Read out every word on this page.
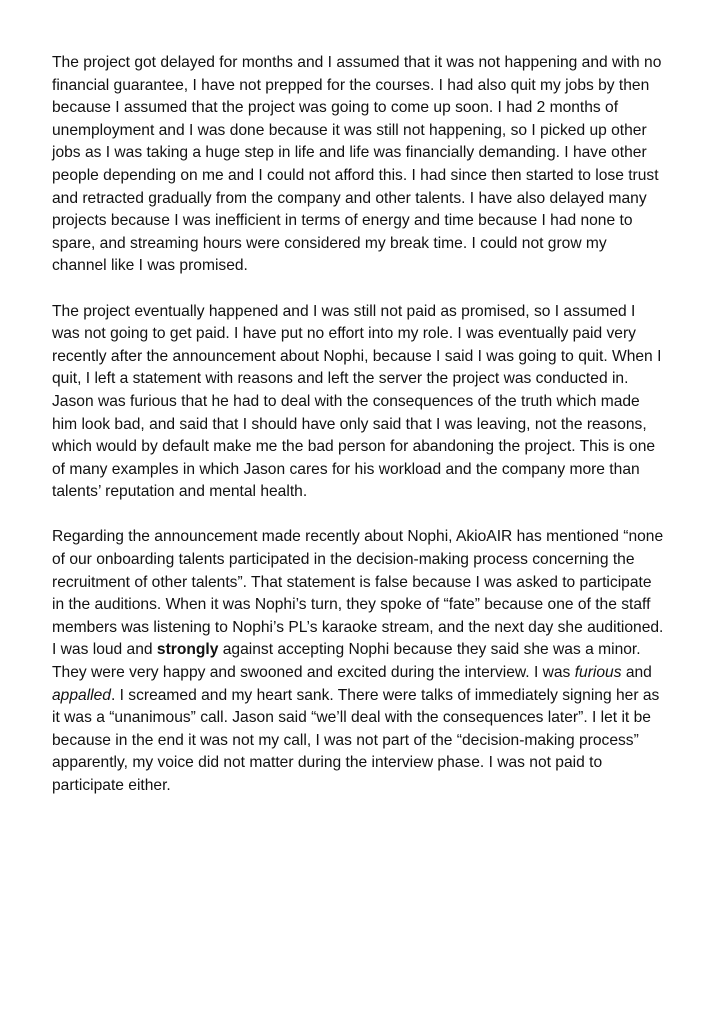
The project got delayed for months and I assumed that it was not happening and with no financial guarantee, I have not prepped for the courses. I had also quit my jobs by then because I assumed that the project was going to come up soon. I had 2 months of unemployment and I was done because it was still not happening, so I picked up other jobs as I was taking a huge step in life and life was financially demanding. I have other people depending on me and I could not afford this. I had since then started to lose trust and retracted gradually from the company and other talents. I have also delayed many projects because I was inefficient in terms of energy and time because I had none to spare, and streaming hours were considered my break time. I could not grow my channel like I was promised.

The project eventually happened and I was still not paid as promised, so I assumed I was not going to get paid. I have put no effort into my role. I was eventually paid very recently after the announcement about Nophi, because I said I was going to quit. When I quit, I left a statement with reasons and left the server the project was conducted in. Jason was furious that he had to deal with the consequences of the truth which made him look bad, and said that I should have only said that I was leaving, not the reasons, which would by default make me the bad person for abandoning the project. This is one of many examples in which Jason cares for his workload and the company more than talents’ reputation and mental health.

Regarding the announcement made recently about Nophi, AkioAIR has mentioned “none of our onboarding talents participated in the decision-making process concerning the recruitment of other talents”. That statement is false because I was asked to participate in the auditions. When it was Nophi’s turn, they spoke of “fate” because one of the staff members was listening to Nophi’s PL’s karaoke stream, and the next day she auditioned. I was loud and strongly against accepting Nophi because they said she was a minor. They were very happy and swooned and excited during the interview. I was furious and appalled. I screamed and my heart sank. There were talks of immediately signing her as it was a “unanimous” call. Jason said “we’ll deal with the consequences later”. I let it be because in the end it was not my call, I was not part of the “decision-making process” apparently, my voice did not matter during the interview phase. I was not paid to participate either.
